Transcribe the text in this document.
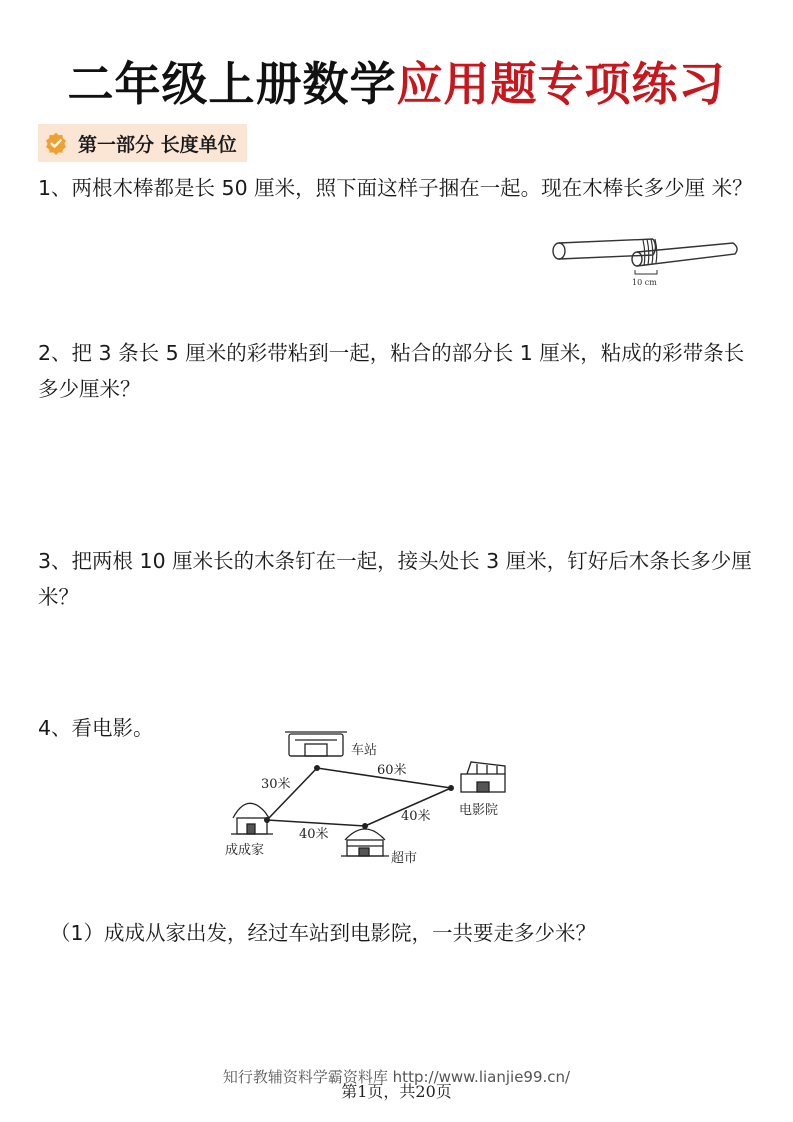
二年级上册数学应用题专项练习
第一部分 长度单位
1、两根木棒都是长 50 厘米，照下面这样子捆在一起。现在木棒长多少厘 米？
10 cm
2、把 3 条长 5 厘米的彩带粘到一起，粘合的部分长 1 厘米，粘成的彩带条长多少厘米？
3、把两根 10 厘米长的木条钉在一起，接头处长 3 厘米，钉好后木条长多少厘米？
4、看电影。
车站
电影院
成成家
超市
30米
60米
40米
40米
（1）成成从家出发，经过车站到电影院，一共要走多少米？
知行教辅资料学霸资料库 http://www.lianjie99.cn/
第1页，共20页
